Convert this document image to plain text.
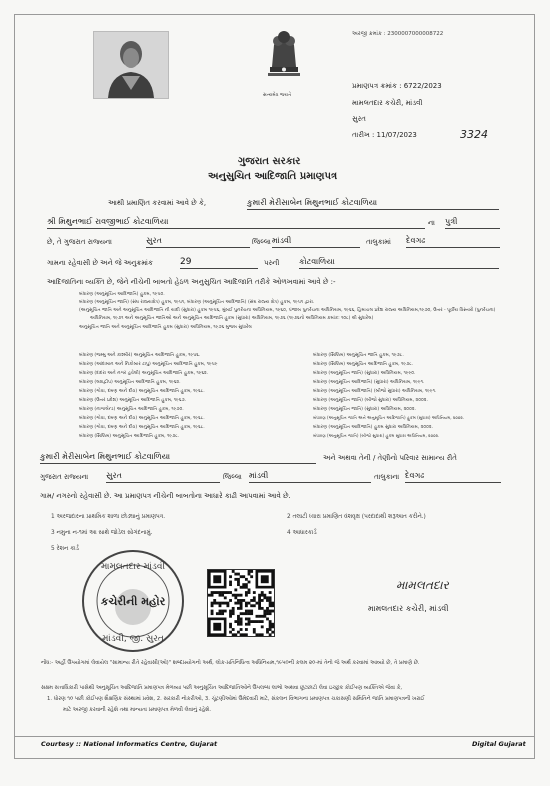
સત્યમેવ જયતે
અરજી ક્રમાંક : 2300007000008722
પ્રમાણપત્ર ક્રમાંક : 6722/2023
મામલતદાર કચેરી, માંડવી
સુરત
તારીખ : 11/07/2023	3324
ગુજરાત સરકાર
અનુસુચિત આદિજાતિ પ્રમાણપત્ર
આથી પ્રમાણિત કરવામાં આવે છે કે,	કુમારી મેરીસાબેન મિથુનભાઈ કોટવાળિયા
શ્રી મિથુનભાઈ રાવજીભાઈ કોટવાળિયા	ના પુત્રી
છે, તે ગુજરાત રાજ્યના	સુરત	જિલ્લા માંડવી	તાલુકામાં દેવગઢ
ગામના રહેવાસી છે અને જે અનુક્રમાંક	29	પરની કોટવાળિયા
આદિજાતિના વ્યક્તિ છે, જેને નીચેની બાબતો હેઠળ અનુસુચિત આદિજાતિ તરીકે ઓળખવામાં આવે છે :-
બંધારણ (અનુસૂચિત આદિજાતિ) હુકમ, ૧૯૫૦.
બંધારણ (અનુસૂચિત જાતિ) (સંઘ રાજ્યક્ષેત્ર) હુકમ, ૧૯૫૧, બંધારણ (અનુસૂચિત આદિજાતિ) (સંઘ રાજ્ય ક્ષેત્ર) હુકમ, ૧૯૫૧ દ્વારા.
(અનુસૂચિત જાતિ અને અનુસૂચિત આદિજાતિ ની યાદી (સુધારા) હુકમ ૧૯૫૬, મુંબઈ પુનર્રચના અધિનિયમ, ૧૯૬૦, પંજાબ પુનર્રચના અધિનિયમ, ૧૯૬૬, હિમાચલ પ્રદેશ રાજ્ય અધિનિયમ,૧૯૭૦, ઉત્તર - પૂર્વીય વિસ્તારો (પુનર્રચના)
અધિનિયમ, ૧૯૭૧ અને અનુસૂચિત જાતિઓ અને અનુસૂચિત આદિજાતિ હુકમ (સુધારા) અધિનિયમ, ૧૯૭૬ (૧૯૭૬નો અધિનિયમ ક્રમાંક: ૧૦૮) થી સુધારેલ)
અનુસૂચિત જાતિ અને અનુસૂચિત આદિજાતિ હુકમ (સુધારા) અધિનિયમ, ૧૯૭૬ મુજબ સુધારેલ
બંધારણ (જમ્મુ અને કાશ્મીર) અનુસૂચિત આદિજાતિ હુકમ, ૧૯૫૬.
બંધારણ (આંદામાન અને નિકોબાર ટાપુ) અનુસૂચિત આદિજાતિ હુકમ, ૧૯૫૯
બંધારણ (દાદરા અને નગર હવેલી) અનુસૂચિત આદિજાતિ હુકમ, ૧૯૬૨.
બંધારણ (લક્ષદ્વીપ) અનુસૂચિત આદિજાતિ હુકમ, ૧૯૬૨.
બંધારણ (ગોવા, દમણ અને દીવ) અનુસૂચિત આદિજાતિ હુકમ, ૧૯૬૮.
બંધારણ (ઉત્તર પ્રદેશ) અનુસૂચિત આદિજાતિ હુકમ, ૧૯૬૭.
બંધારણ (નાગાલેન્ડ) અનુસૂચિત આદિજાતિ હુકમ, ૧૯૭૦.
બંધારણ (ગોવા, દમણ અને દીવ) અનુસૂચિત આદિજાતિ હુકમ, ૧૯૬૮.
બંધારણ (ગોવા, દમણ અને દીવ) અનુસૂચિત આદિજાતિ હુકમ, ૧૯૬૮.
બંધારણ (સિક્કિમ) અનુસૂચિત આદિજાતિ હુકમ, ૧૯૭૮.
બંધારણ (સિક્કિમ) અનુસૂચિત જાતિ હુકમ, ૧૯૭૮.
બંધારણ (સિક્કિમ) અનુસૂચિત આદિજાતિ હુકમ, ૧૯૭૮.
બંધારણ (અનુસૂચિત જાતિ) (સુધારા) અધિનિયમ, ૧૯૯૦.
બંધારણ (અનુસૂચિત આદિજાતિ) (સુધારા) અધિનિયમ, ૧૯૯૧.
બંધારણ (અનુસૂચિત આદિજાતિ) (બીજો સુધારા) અધિનિયમ, ૧૯૯૧.
બંધારણ (અનુસૂચિત જાતિ) (બીજો સુધારા) અધિનિયમ, ૨૦૦૨.
બંધારણ (અનુસૂચિત જાતિ) (સુધારા) અધિનિયમ, ૨૦૦૨.
બંધારણ (અનુસૂચિત જાતિ અને અનુસૂચિત આદિજાતિ) હુકમ (સુધારા) અધિનિયમ, ૨૦૦૨.
બંધારણ (અનુસૂચિત આદિજાતિ) હુકમ સુધારા અધિનિયમ, ૨૦૦૨.
બંધારણ (અનુસૂચિત જાતિ) (બીજો સુધારા) હુકમ સુધારા અધિનિયમ, ૨૦૦૨.
કુમારી મેરીસાબેન મિથુનભાઈ કોટવાળિયા	અને અથવા તેની / તેણીનો પરિવાર સામાન્ય રીતે
ગુજરાત રાજ્યના સુરત	જિલ્લા માંડવી	તાલુકાના દેવગઢ
ગામ/ નગરનો રહેવાસી છે. આ પ્રમાણપત્ર નીચેની બાબતોના આધારે કાઢી આપવામાં આવે છે.
1 અરજદારના પ્રાથમિક શાળા છોડ્યાનું પ્રમાણપત્ર.
3 નમુના ન-૧માં આ સાથે જોડેલ સોગંદનામું.
5 રેશન કાર્ડ
2 તલાટી ધ્વારા પ્રમાણિત વંશવૃક્ષ (પરદાદાથી શરૂઆત કરીને.)
4 આધારકાર્ડ
મામલતદાર માંડવી
કચેરીની મહોર
માંડવી, જી. સુરત
મામલતદાર
મામલતદાર કચેરી, માંડવી
નોંધ:- અહીં ઉપયોગમાં લેવાયેલ "સામાન્ય રીતે રહેવાસી(ઓ)" શબ્દપ્રયોગનો અર્થ, લોક-પ્રતિનિધિત્વ અધિનિયમ,૧૯૫૦ની કલમ ૨૦-માં તેનો જે અર્થ કરવામાં આવ્યો છે, તે પ્રમાણે છે.
સક્ષમ સત્તાધિકારી પાસેથી અનુસૂચિત આદિજાતિ પ્રમાણપત્ર મેળવ્યા પછી અનુસૂચિત આદિજાતિઓને ઉપલબ્ધ લાભો અથવા છૂટછાટો લેવા ઇચ્છુક કોઈપણ વ્યક્તિએ જેવા કે,
1. ધોરણ ૧૦ પછી કોઈપણ શૈક્ષણિક સંસ્થામાં પ્રવેશ, 2. સરકારી નોકરીઓ, 3. ચૂંટણીઓમાં ઉમેદવારી માટે, સંકલન વિભાગના પ્રમાણપત્ર ચકાસણી સમિતિને જાતિ પ્રમાણપત્રની ખરાઈ
માટે અરજી કરવાની રહેશે તથા માન્યતા પ્રમાણપત્ર મેળવી લેવાનું રહેશે.
Courtesy :: National Informatics Centre, Gujarat	Digital Gujarat
